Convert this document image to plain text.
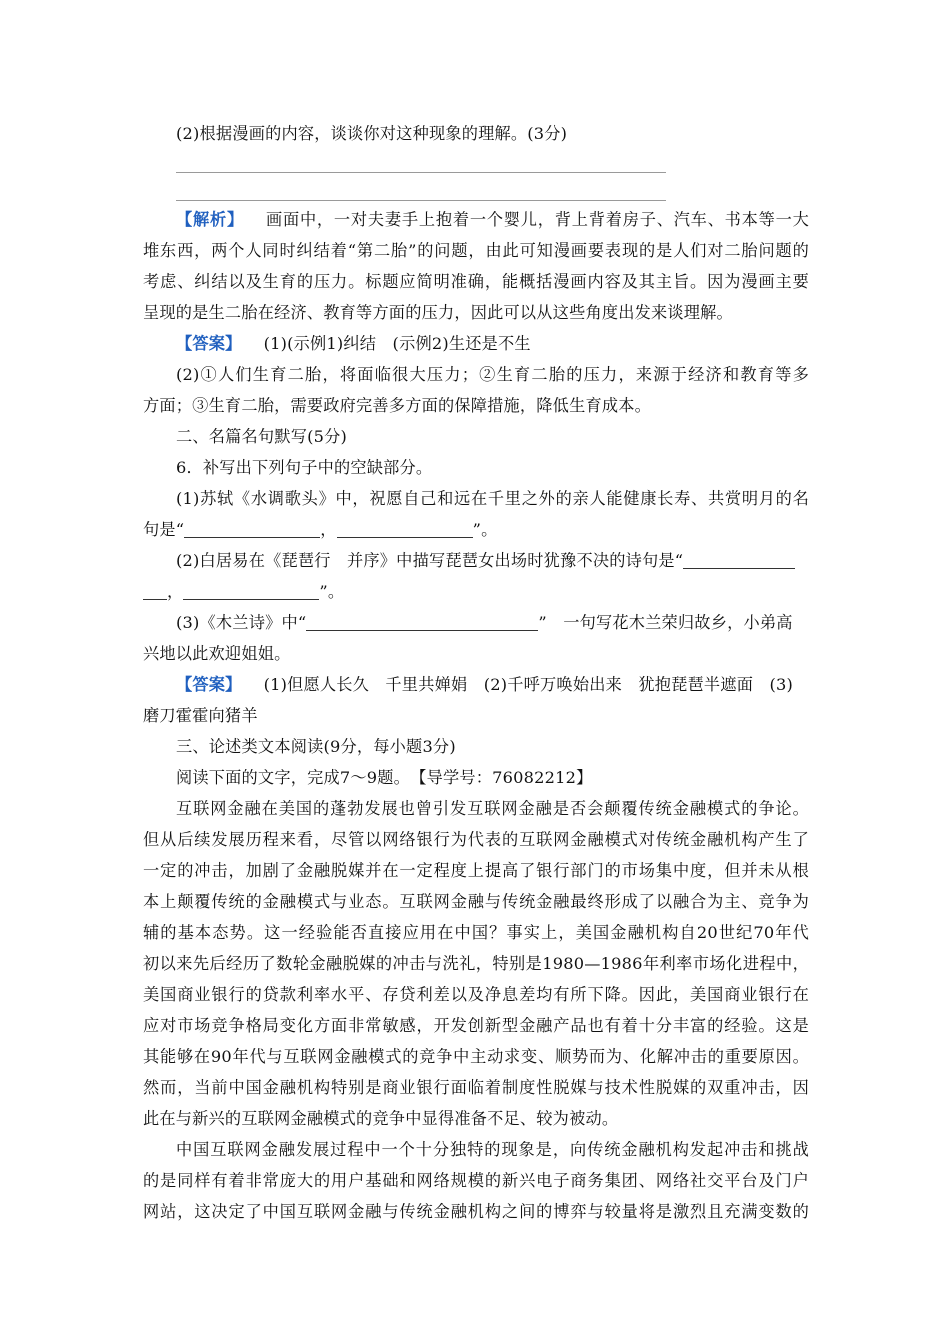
(2)根据漫画的内容，谈谈你对这种现象的理解。(3分)
【解析】 画面中，一对夫妻手上抱着一个婴儿，背上背着房子、汽车、书本等一大
堆东西，两个人同时纠结着“第二胎”的问题，由此可知漫画要表现的是人们对二胎问题的
考虑、纠结以及生育的压力。标题应简明准确，能概括漫画内容及其主旨。因为漫画主要
呈现的是生二胎在经济、教育等方面的压力，因此可以从这些角度出发来谈理解。
【答案】 (1)(示例1)纠结　(示例2)生还是不生
(2)①人们生育二胎，将面临很大压力；②生育二胎的压力，来源于经济和教育等多
方面；③生育二胎，需要政府完善多方面的保障措施，降低生育成本。
二、名篇名句默写(5分)
6．补写出下列句子中的空缺部分。
(1)苏轼《水调歌头》中，祝愿自己和远在千里之外的亲人能健康长寿、共赏明月的名
句是“	，	”。
(2)白居易在《琵琶行　并序》中描写琵琶女出场时犹豫不决的诗句是“
，	”。
(3)《木兰诗》中“	”　一句写花木兰荣归故乡，小弟高
兴地以此欢迎姐姐。
【答案】 (1)但愿人长久　千里共婵娟　(2)千呼万唤始出来　犹抱琵琶半遮面　(3)
磨刀霍霍向猪羊
三、论述类文本阅读(9分，每小题3分)
阅读下面的文字，完成7～9题。　【导学号：76082212】
互联网金融在美国的蓬勃发展也曾引发互联网金融是否会颠覆传统金融模式的争论。
但从后续发展历程来看，尽管以网络银行为代表的互联网金融模式对传统金融机构产生了
一定的冲击，加剧了金融脱媒并在一定程度上提高了银行部门的市场集中度，但并未从根
本上颠覆传统的金融模式与业态。互联网金融与传统金融最终形成了以融合为主、竞争为
辅的基本态势。这一经验能否直接应用在中国？事实上，美国金融机构自20世纪70年代
初以来先后经历了数轮金融脱媒的冲击与洗礼，特别是1980—1986年利率市场化进程中，
美国商业银行的贷款利率水平、存贷利差以及净息差均有所下降。因此，美国商业银行在
应对市场竞争格局变化方面非常敏感，开发创新型金融产品也有着十分丰富的经验。这是
其能够在90年代与互联网金融模式的竞争中主动求变、顺势而为、化解冲击的重要原因。
然而，当前中国金融机构特别是商业银行面临着制度性脱媒与技术性脱媒的双重冲击，因
此在与新兴的互联网金融模式的竞争中显得准备不足、较为被动。
中国互联网金融发展过程中一个十分独特的现象是，向传统金融机构发起冲击和挑战
的是同样有着非常庞大的用户基础和网络规模的新兴电子商务集团、网络社交平台及门户
网站，这决定了中国互联网金融与传统金融机构之间的博弈与较量将是激烈且充满变数的
